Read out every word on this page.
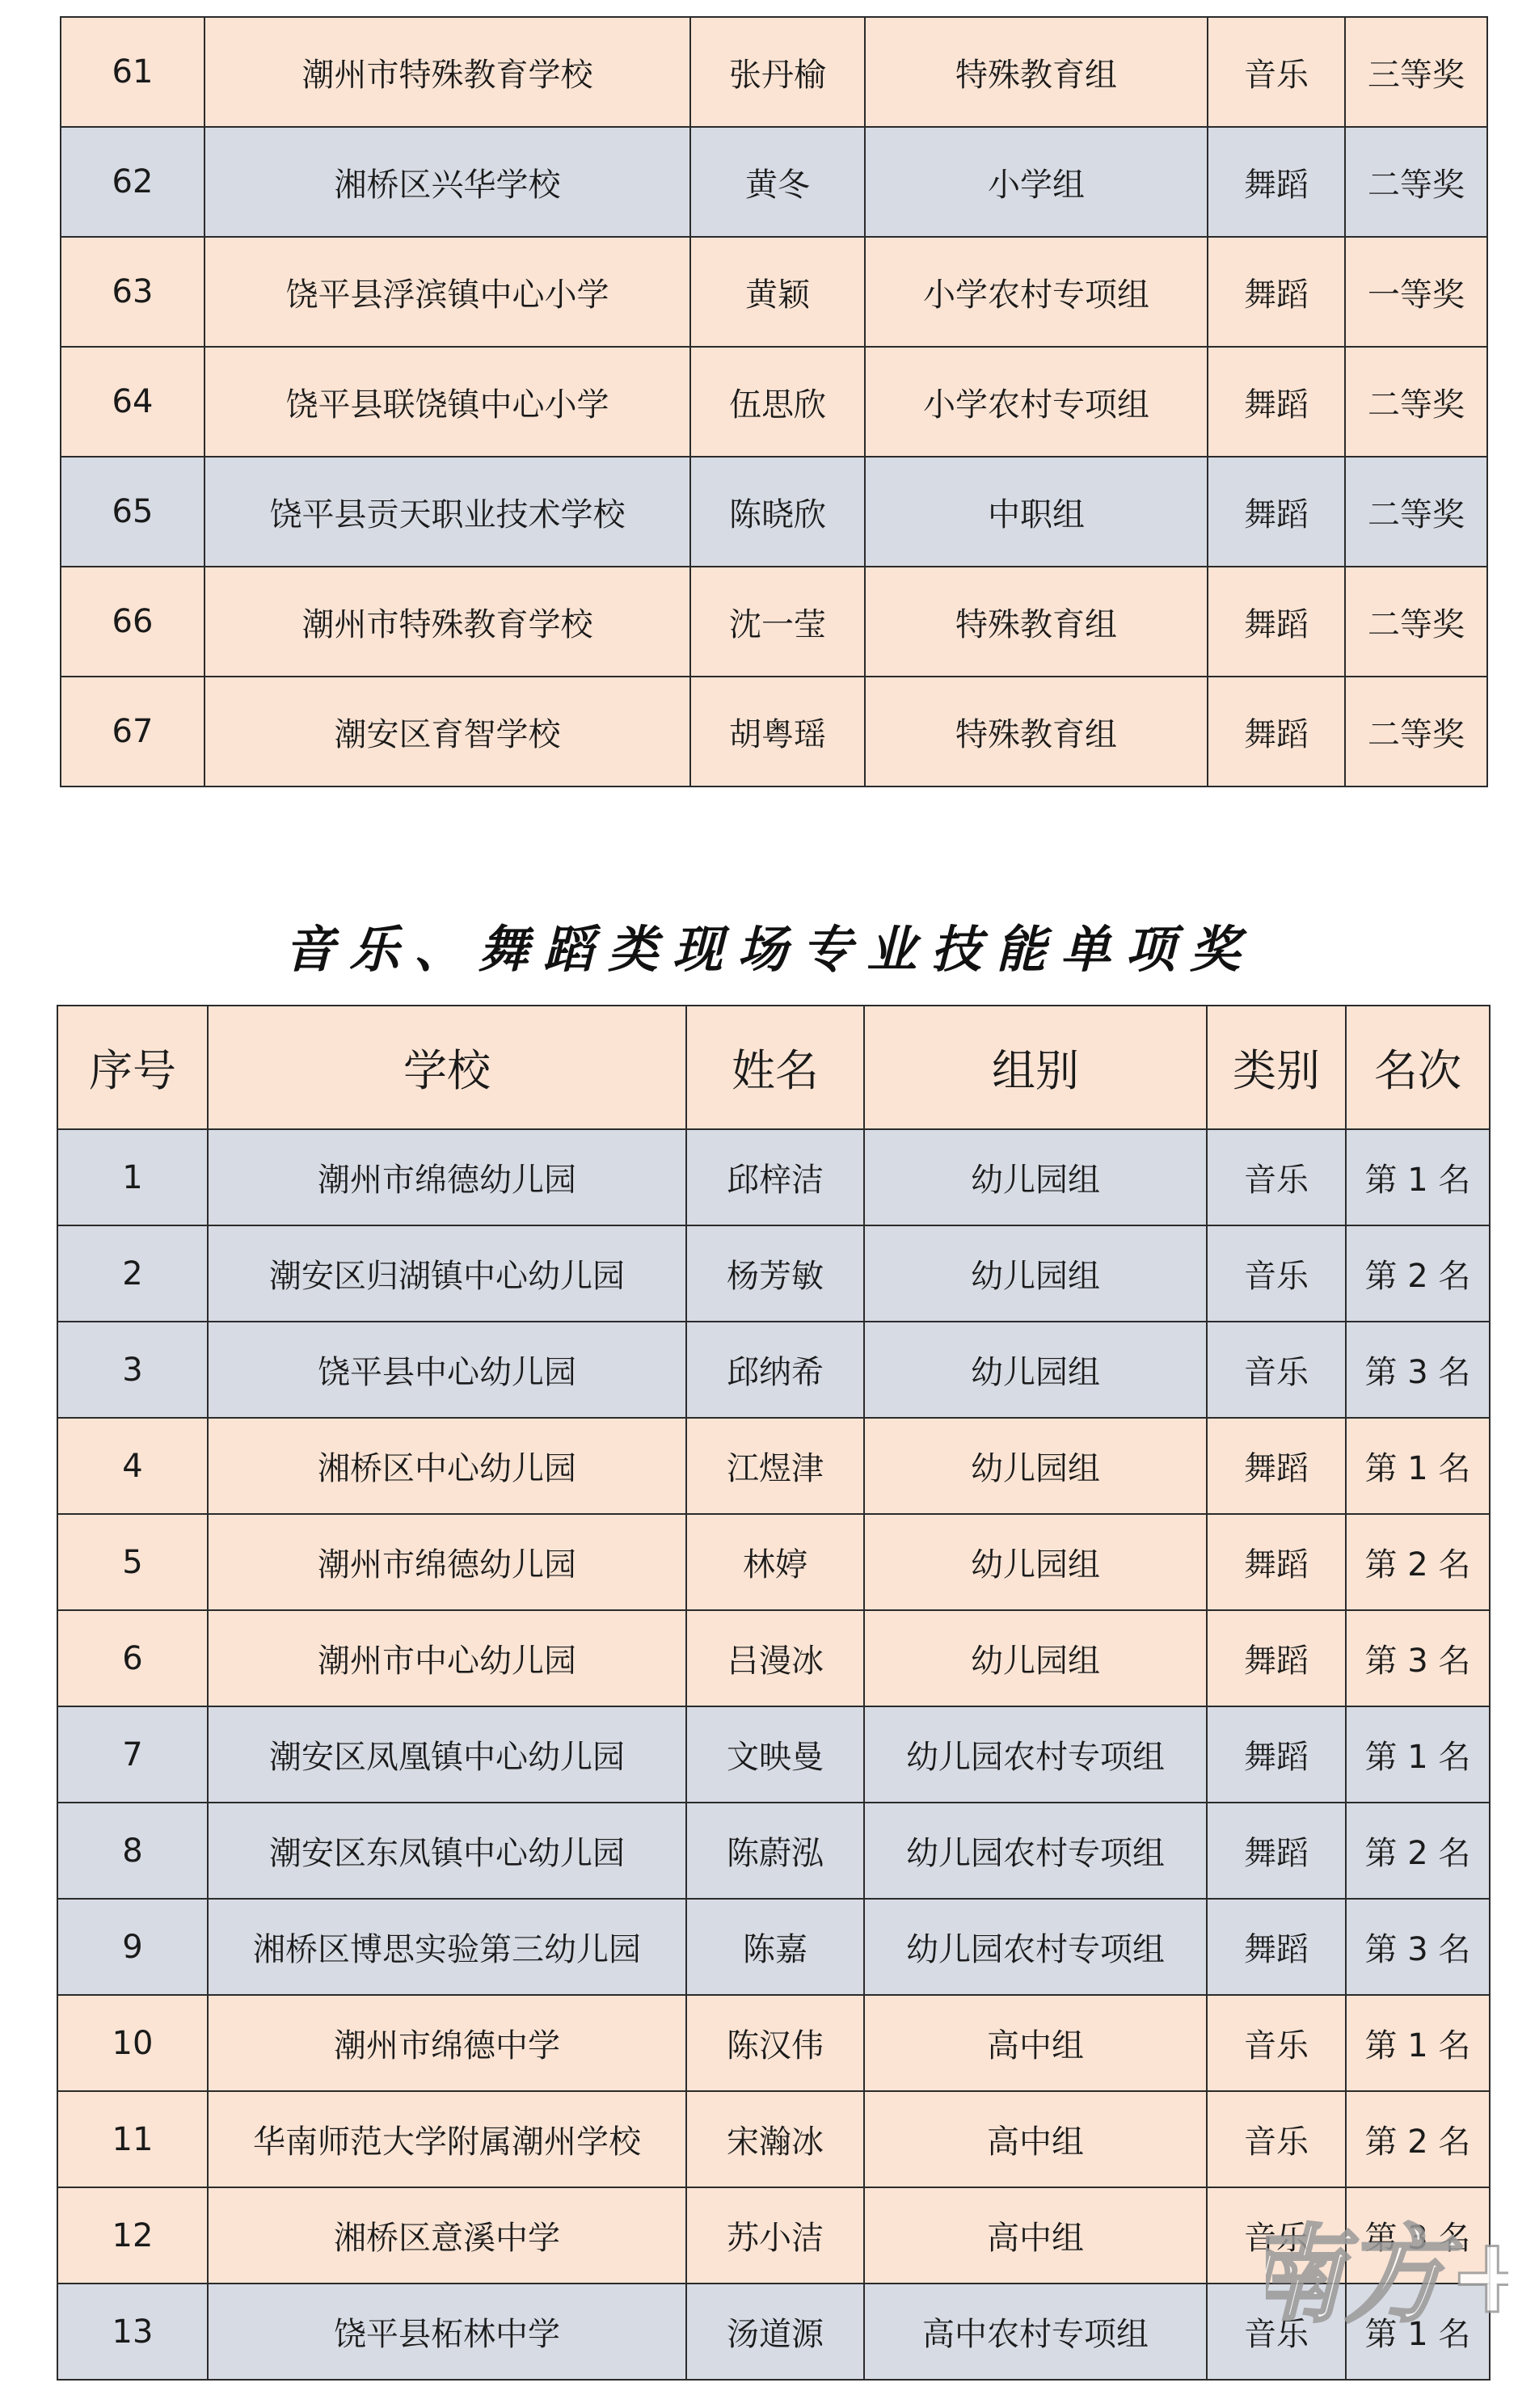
61	潮州市特殊教育学校	张丹榆	特殊教育组	音乐	三等奖
62	湘桥区兴华学校	黄冬	小学组	舞蹈	二等奖
63	饶平县浮滨镇中心小学	黄颖	小学农村专项组	舞蹈	一等奖
64	饶平县联饶镇中心小学	伍思欣	小学农村专项组	舞蹈	二等奖
65	饶平县贡天职业技术学校	陈晓欣	中职组	舞蹈	二等奖
66	潮州市特殊教育学校	沈一莹	特殊教育组	舞蹈	二等奖
67	潮安区育智学校	胡粤瑶	特殊教育组	舞蹈	二等奖
音乐、舞蹈类现场专业技能单项奖
序号	学校	姓名	组别	类别	名次
1	潮州市绵德幼儿园	邱梓洁	幼儿园组	音乐	第 1 名
2	潮安区归湖镇中心幼儿园	杨芳敏	幼儿园组	音乐	第 2 名
3	饶平县中心幼儿园	邱纳希	幼儿园组	音乐	第 3 名
4	湘桥区中心幼儿园	江煜津	幼儿园组	舞蹈	第 1 名
5	潮州市绵德幼儿园	林婷	幼儿园组	舞蹈	第 2 名
6	潮州市中心幼儿园	吕漫冰	幼儿园组	舞蹈	第 3 名
7	潮安区凤凰镇中心幼儿园	文映曼	幼儿园农村专项组	舞蹈	第 1 名
8	潮安区东凤镇中心幼儿园	陈蔚泓	幼儿园农村专项组	舞蹈	第 2 名
9	湘桥区博思实验第三幼儿园	陈嘉	幼儿园农村专项组	舞蹈	第 3 名
10	潮州市绵德中学	陈汉伟	高中组	音乐	第 1 名
11	华南师范大学附属潮州学校	宋瀚冰	高中组	音乐	第 2 名
12	湘桥区意溪中学	苏小洁	高中组	音乐	第 3 名
13	饶平县柘林中学	汤道源	高中农村专项组	音乐	第 1 名
方
